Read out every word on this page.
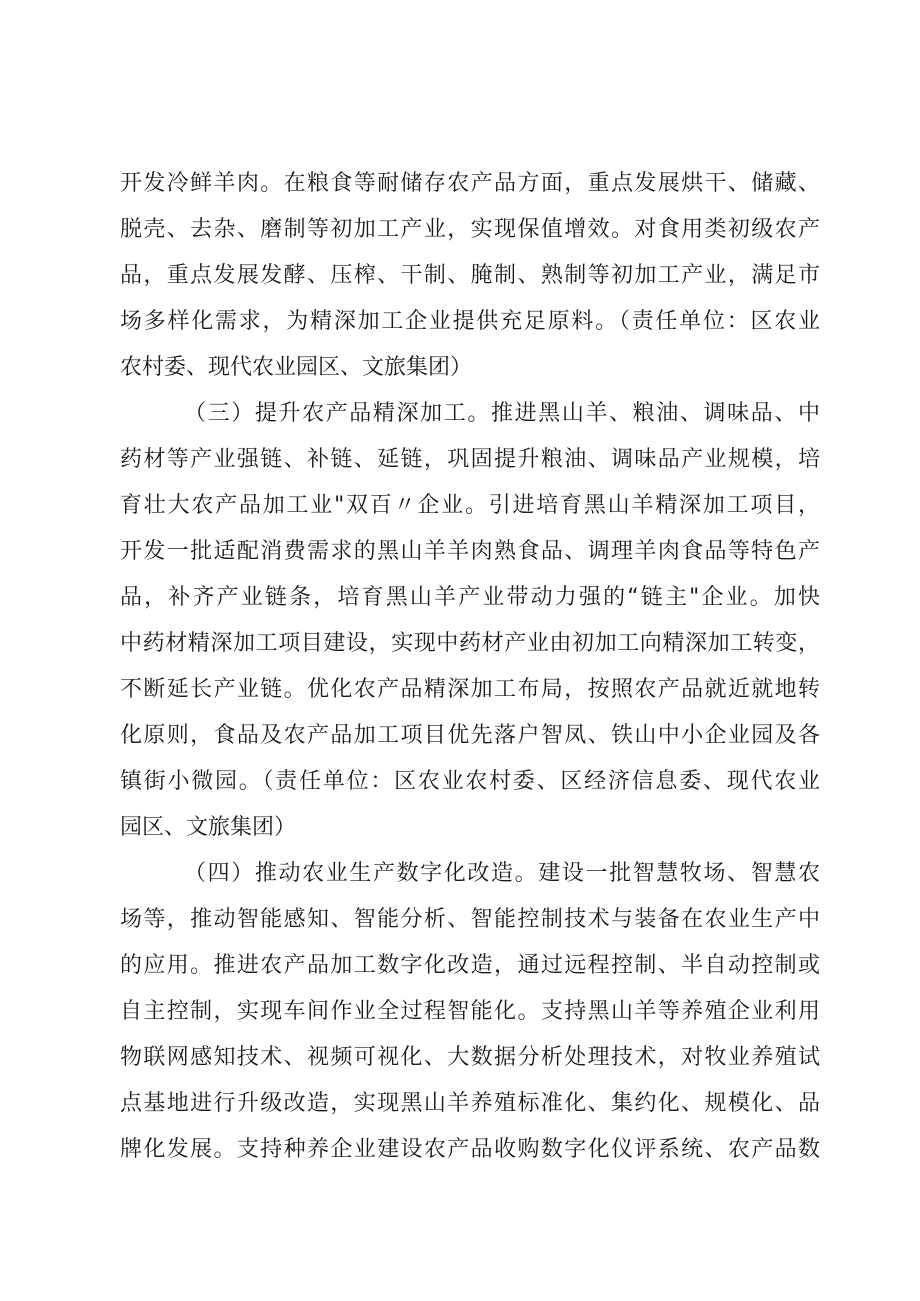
开发冷鲜羊肉。在粮食等耐储存农产品方面，重点发展烘干、储藏、

脱壳、去杂、磨制等初加工产业，实现保值增效。对食用类初级农产

品，重点发展发酵、压榨、干制、腌制、熟制等初加工产业，满足市

场多样化需求，为精深加工企业提供充足原料。（责任单位：区农业

农村委、现代农业园区、文旅集团）

（三）提升农产品精深加工。推进黑山羊、粮油、调味品、中

药材等产业强链、补链、延链，巩固提升粮油、调味品产业规模，培

育壮大农产品加工业"双百〃企业。引进培育黑山羊精深加工项目，

开发一批适配消费需求的黑山羊羊肉熟食品、调理羊肉食品等特色产

品，补齐产业链条，培育黑山羊产业带动力强的“链主"企业。加快

中药材精深加工项目建设，实现中药材产业由初加工向精深加工转变，

不断延长产业链。优化农产品精深加工布局，按照农产品就近就地转

化原则，食品及农产品加工项目优先落户智凤、铁山中小企业园及各

镇街小微园。（责任单位：区农业农村委、区经济信息委、现代农业

园区、文旅集团）

（四）推动农业生产数字化改造。建设一批智慧牧场、智慧农

场等，推动智能感知、智能分析、智能控制技术与装备在农业生产中

的应用。推进农产品加工数字化改造，通过远程控制、半自动控制或

自主控制，实现车间作业全过程智能化。支持黑山羊等养殖企业利用

物联网感知技术、视频可视化、大数据分析处理技术，对牧业养殖试

点基地进行升级改造，实现黑山羊养殖标准化、集约化、规模化、品

牌化发展。支持种养企业建设农产品收购数字化仪评系统、农产品数
